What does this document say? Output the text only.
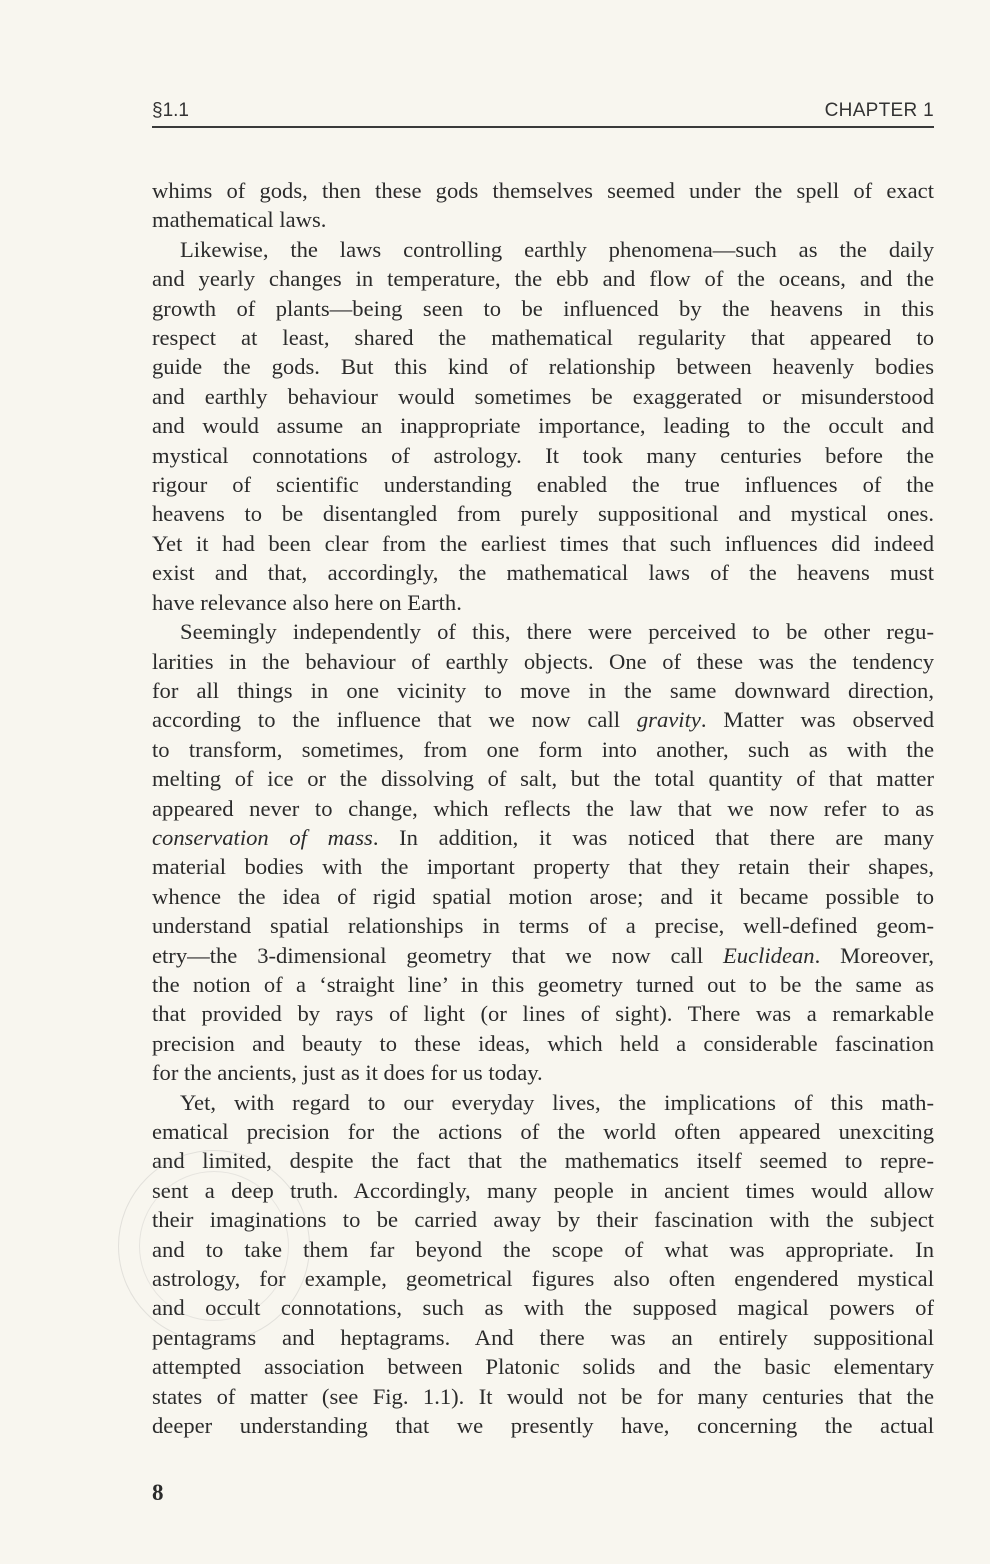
§1.1	CHAPTER 1

whims of gods, then these gods themselves seemed under the spell of exact
mathematical laws.

Likewise, the laws controlling earthly phenomena—such as the daily
and yearly changes in temperature, the ebb and flow of the oceans, and the
growth of plants—being seen to be influenced by the heavens in this
respect at least, shared the mathematical regularity that appeared to
guide the gods. But this kind of relationship between heavenly bodies
and earthly behaviour would sometimes be exaggerated or misunderstood
and would assume an inappropriate importance, leading to the occult and
mystical connotations of astrology. It took many centuries before the
rigour of scientific understanding enabled the true influences of the
heavens to be disentangled from purely suppositional and mystical ones.
Yet it had been clear from the earliest times that such influences did indeed
exist and that, accordingly, the mathematical laws of the heavens must
have relevance also here on Earth.

Seemingly independently of this, there were perceived to be other regu-
larities in the behaviour of earthly objects. One of these was the tendency
for all things in one vicinity to move in the same downward direction,
according to the influence that we now call gravity. Matter was observed
to transform, sometimes, from one form into another, such as with the
melting of ice or the dissolving of salt, but the total quantity of that matter
appeared never to change, which reflects the law that we now refer to as
conservation of mass. In addition, it was noticed that there are many
material bodies with the important property that they retain their shapes,
whence the idea of rigid spatial motion arose; and it became possible to
understand spatial relationships in terms of a precise, well-defined geom-
etry—the 3-dimensional geometry that we now call Euclidean. Moreover,
the notion of a ‘straight line’ in this geometry turned out to be the same as
that provided by rays of light (or lines of sight). There was a remarkable
precision and beauty to these ideas, which held a considerable fascination
for the ancients, just as it does for us today.

Yet, with regard to our everyday lives, the implications of this math-
ematical precision for the actions of the world often appeared unexciting
and limited, despite the fact that the mathematics itself seemed to repre-
sent a deep truth. Accordingly, many people in ancient times would allow
their imaginations to be carried away by their fascination with the subject
and to take them far beyond the scope of what was appropriate. In
astrology, for example, geometrical figures also often engendered mystical
and occult connotations, such as with the supposed magical powers of
pentagrams and heptagrams. And there was an entirely suppositional
attempted association between Platonic solids and the basic elementary
states of matter (see Fig. 1.1). It would not be for many centuries that the
deeper understanding that we presently have, concerning the actual

8
